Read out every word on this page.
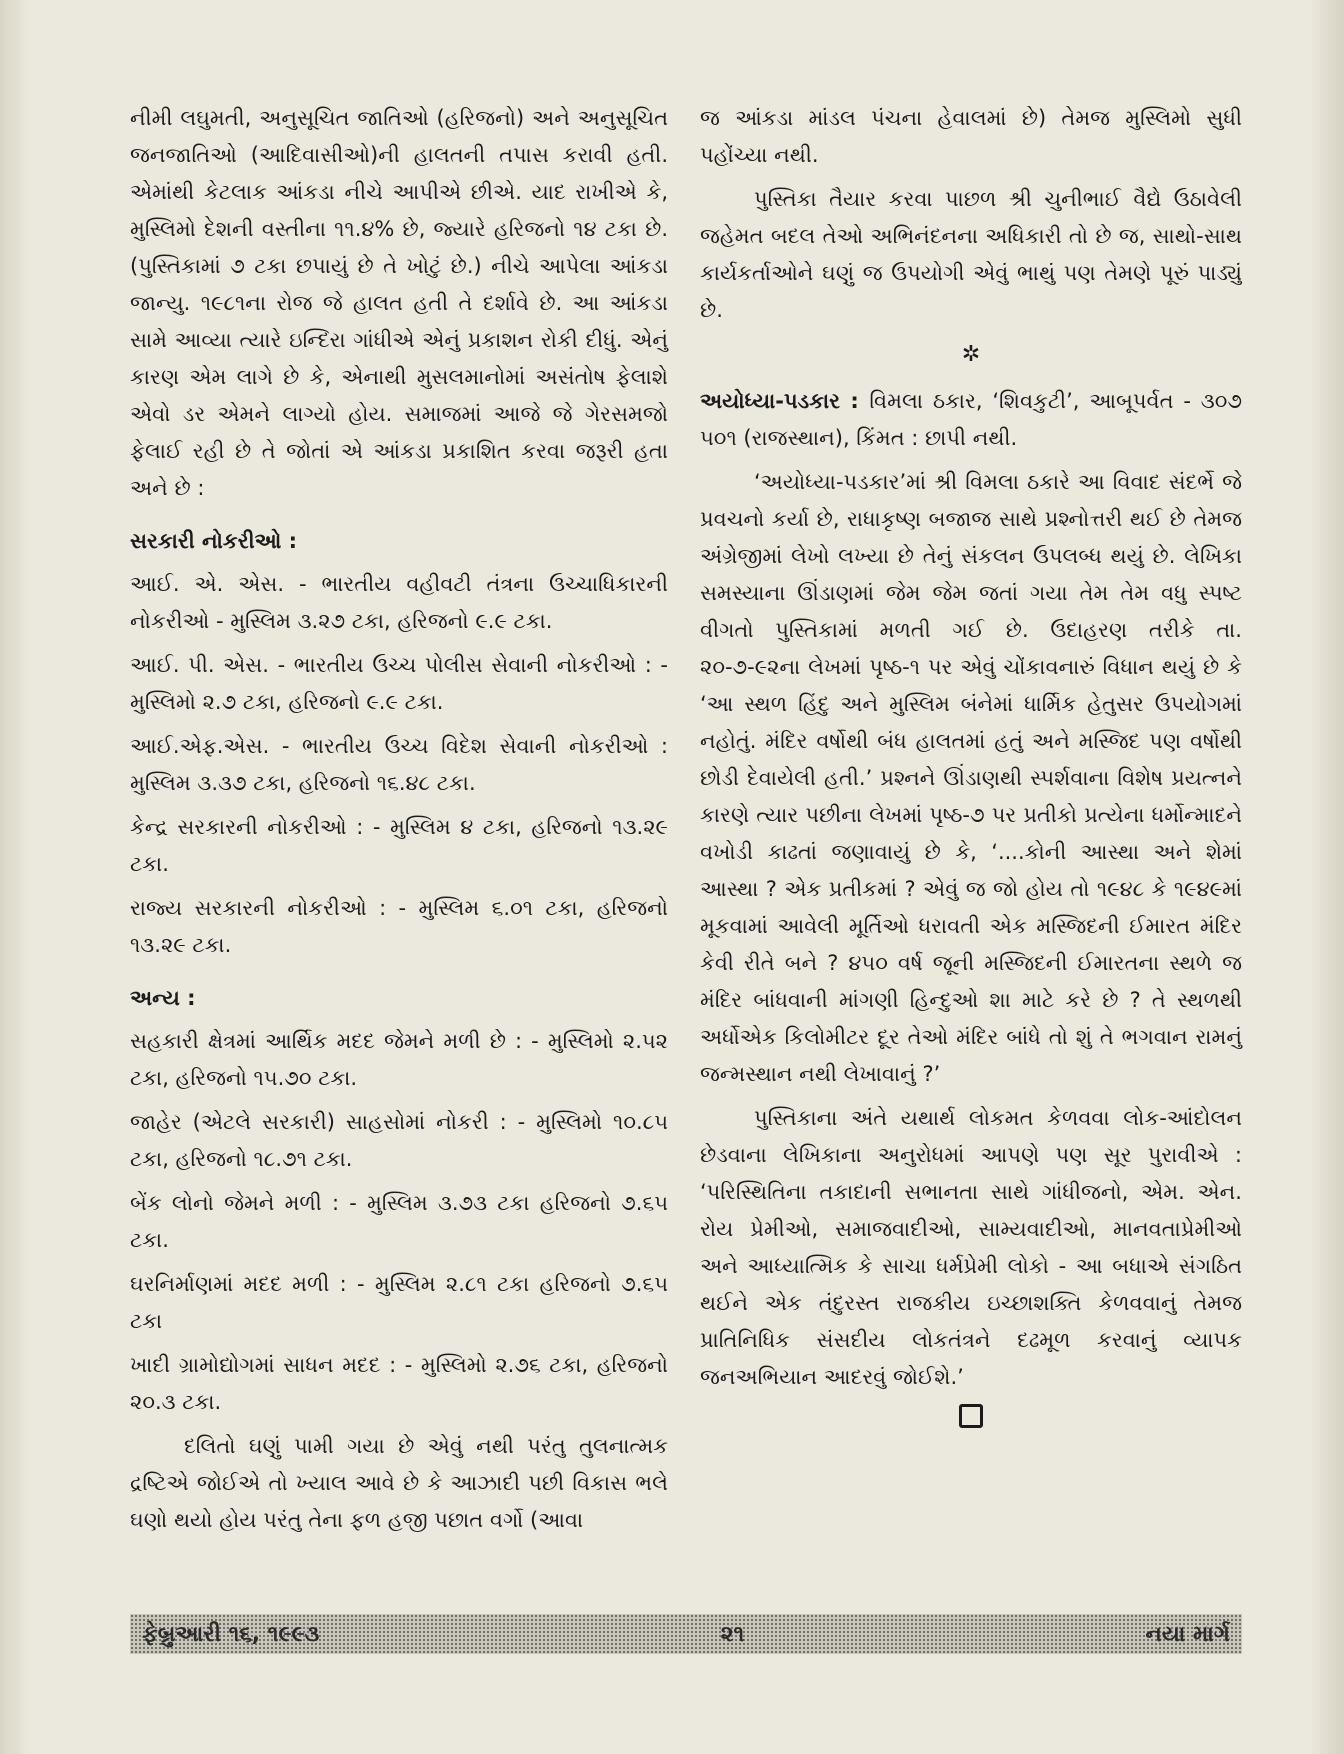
નીમી લઘુમતી, અનુસૂચિત જાતિઓ (હરિજનો) અને અનુસૂચિત જનજાતિઓ (આદિવાસીઓ)ની હાલતની તપાસ કરાવી હતી. એમાંથી કેટલાક આંકડા નીચે આપીએ છીએ. યાદ રાખીએ કે, મુસ્લિમો દેશની વસ્તીના ૧૧.૪% છે, જ્યારે હરિજનો ૧૪ ટકા છે. (પુસ્તિકામાં ૭ ટકા છપાયું છે તે ખોટું છે.) નીચે આપેલા આંકડા જાન્યુ. ૧૯૮૧ના રોજ જે હાલત હતી તે દર્શાવે છે. આ આંકડા સામે આવ્યા ત્યારે ઇન્દિરા ગાંધીએ એનું પ્રકાશન રોકી દીધું. એનું કારણ એમ લાગે છે કે, એનાથી મુસલમાનોમાં અસંતોષ ફેલાશે એવો ડર એમને લાગ્યો હોય. સમાજમાં આજે જે ગેરસમજો ફેલાઈ રહી છે તે જોતાં એ આંકડા પ્રકાશિત કરવા જરૂરી હતા અને છે :

સરકારી નોકરીઓ :

આઈ. એ. એસ. - ભારતીય વહીવટી તંત્રના ઉચ્ચાધિકારની નોકરીઓ - મુસ્લિમ ૩.૨૭ ટકા, હરિજનો ૯.૯ ટકા.

આઈ. પી. એસ. - ભારતીય ઉચ્ચ પોલીસ સેવાની નોકરીઓ : - મુસ્લિમો ૨.૭ ટકા, હરિજનો ૯.૯ ટકા.

આઈ.એફ.એસ. - ભારતીય ઉચ્ચ વિદેશ સેવાની નોકરીઓ : મુસ્લિમ ૩.૩૭ ટકા, હરિજનો ૧૬.૪૮ ટકા.

કેન્દ્ર સરકારની નોકરીઓ : - મુસ્લિમ ૪ ટકા, હરિજનો ૧૩.૨૯ ટકા.

રાજ્ય સરકારની નોકરીઓ : - મુસ્લિમ ૬.૦૧ ટકા, હરિજનો ૧૩.૨૯ ટકા.

અન્ય :

સહકારી ક્ષેત્રમાં આર્થિક મદદ જેમને મળી છે : - મુસ્લિમો ૨.૫૨ ટકા, હરિજનો ૧૫.૭૦ ટકા.

જાહેર (એટલે સરકારી) સાહસોમાં નોકરી : - મુસ્લિમો ૧૦.૮૫ ટકા, હરિજનો ૧૮.૭૧ ટકા.

બેંક લોનો જેમને મળી : - મુસ્લિમ ૩.૭૩ ટકા હરિજનો ૭.૬૫ ટકા.

ઘરનિર્માણમાં મદદ મળી : - મુસ્લિમ ૨.૮૧ ટકા હરિજનો ૭.૬૫ ટકા

ખાદી ગ્રામોદ્યોગમાં સાધન મદદ : - મુસ્લિમો ૨.૭૬ ટકા, હરિજનો ૨૦.૩ ટકા.

દલિતો ઘણું પામી ગયા છે એવું નથી પરંતુ તુલનાત્મક દ્રષ્ટિએ જોઈએ તો ખ્યાલ આવે છે કે આઝાદી પછી વિકાસ ભલે ઘણો થયો હોય પરંતુ તેના ફળ હજી પછાત વર્ગો (આવા

જ આંકડા માંડલ પંચના હેવાલમાં છે) તેમજ મુસ્લિમો સુધી પહોંચ્યા નથી.

પુસ્તિકા તૈયાર કરવા પાછળ શ્રી ચુનીભાઈ વૈદ્યે ઉઠાવેલી જહેમત બદલ તેઓ અભિનંદનના અધિકારી તો છે જ, સાથો-સાથ કાર્યકર્તાઓને ઘણું જ ઉપયોગી એવું ભાથું પણ તેમણે પૂરું પાડ્યું છે.

✲

અયોધ્યા-પડકાર : વિમલા ઠકાર, ‘શિવકુટી’, આબૂપર્વત - ૩૦૭ ૫૦૧ (રાજસ્થાન), કિંમત : છાપી નથી.

‘અયોધ્યા-પડકાર’માં શ્રી વિમલા ઠકારે આ વિવાદ સંદર્ભે જે પ્રવચનો કર્યા છે, રાધાકૃષ્ણ બજાજ સાથે પ્રશ્નોત્તરી થઈ છે તેમજ અંગ્રેજીમાં લેખો લખ્યા છે તેનું સંકલન ઉપલબ્ધ થયું છે. લેખિકા સમસ્યાના ઊંડાણમાં જેમ જેમ જતાં ગયા તેમ તેમ વધુ સ્પષ્ટ વીગતો પુસ્તિકામાં મળતી ગઈ છે. ઉદાહરણ તરીકે તા. ૨૦-૭-૯૨ના લેખમાં પૃષ્ઠ-૧ પર એવું ચોંકાવનારું વિધાન થયું છે કે ‘આ સ્થળ હિંદુ અને મુસ્લિમ બંનેમાં ધાર્મિક હેતુસર ઉપયોગમાં નહોતું. મંદિર વર્ષોથી બંધ હાલતમાં હતું અને મસ્જિદ પણ વર્ષોથી છોડી દેવાયેલી હતી.’ પ્રશ્નને ઊંડાણથી સ્પર્શવાના વિશેષ પ્રયત્નને કારણે ત્યાર પછીના લેખમાં પૃષ્ઠ-૭ પર પ્રતીકો પ્રત્યેના ધર્મોન્માદને વખોડી કાઢતાં જણાવાયું છે કે, ‘....કોની આસ્થા અને શેમાં આસ્થા ? એક પ્રતીકમાં ? એવું જ જો હોય તો ૧૯૪૮ કે ૧૯૪૯માં મૂકવામાં આવેલી મૂર્તિઓ ધરાવતી એક મસ્જિદની ઈમારત મંદિર કેવી રીતે બને ? ૪૫૦ વર્ષ જૂની મસ્જિદની ઈમારતના સ્થળે જ મંદિર બાંધવાની માંગણી હિન્દુઓ શા માટે કરે છે ? તે સ્થળથી અર્ધોએક કિલોમીટર દૂર તેઓ મંદિર બાંધે તો શું તે ભગવાન રામનું જન્મસ્થાન નથી લેખાવાનું ?’

પુસ્તિકાના અંતે યથાર્થ લોકમત કેળવવા લોક-આંદોલન છેડવાના લેખિકાના અનુરોધમાં આપણે પણ સૂર પુરાવીએ : ‘પરિસ્થિતિના તકાદાની સભાનતા સાથે ગાંધીજનો, એમ. એન. રોય પ્રેમીઓ, સમાજવાદીઓ, સામ્યવાદીઓ, માનવતાપ્રેમીઓ અને આધ્યાત્મિક કે સાચા ધર્મપ્રેમી લોકો - આ બધાએ સંગઠિત થઈને એક તંદુરસ્ત રાજકીય ઇચ્છાશક્તિ કેળવવાનું તેમજ પ્રાતિનિધિક સંસદીય લોકતંત્રને દઢમૂળ કરવાનું વ્યાપક જનઅભિયાન આદરવું જોઈશે.’

ફેબ્રુઆરી ૧૬, ૧૯૯૩	૨૧	નયા માર્ગ
